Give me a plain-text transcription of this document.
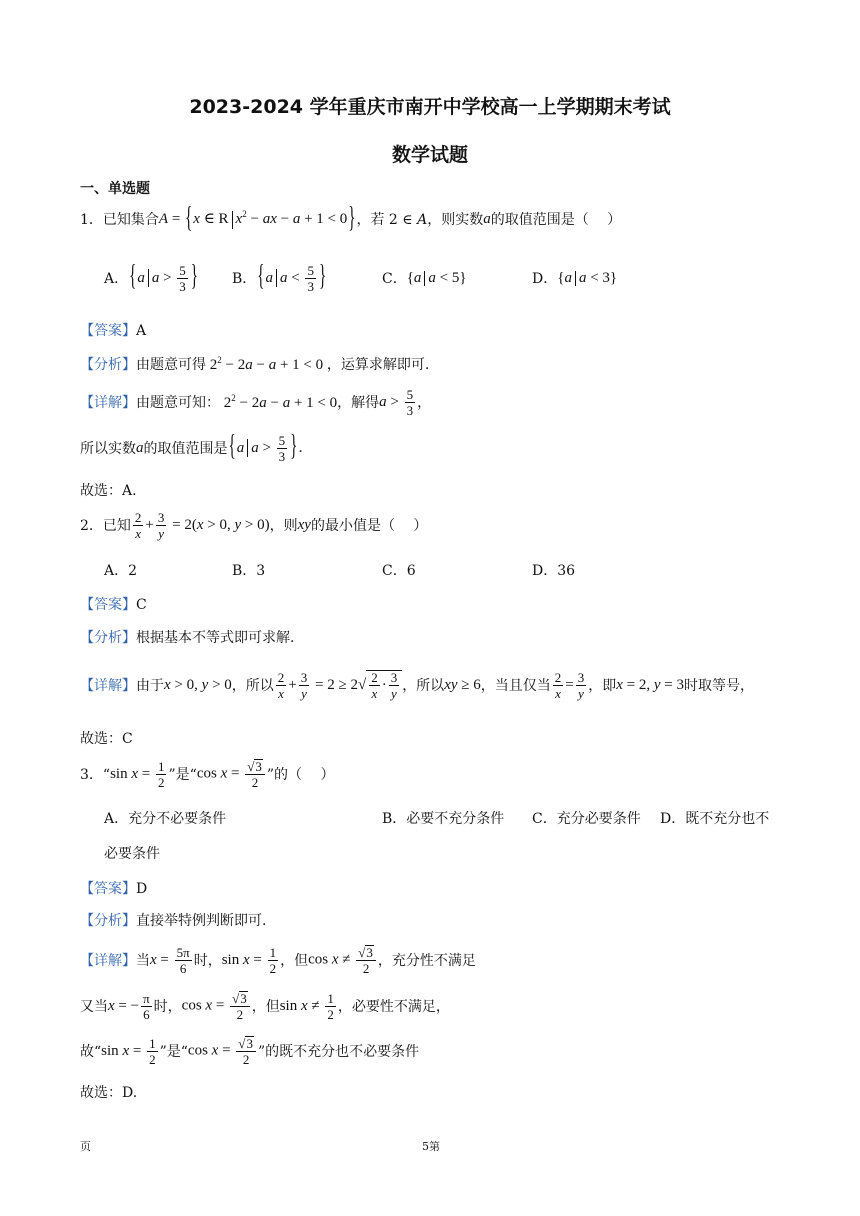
2023-2024 学年重庆市南开中学校高一上学期期末考试
数学试题
一、单选题
1．已知集合 A = {x ∈ R $x^2$ − ax − a + 1 < 0} ，若 2 ∈ A，则实数 a 的取值范围是（　 ）
A． {a $a > \frac{5}{3}$ } B． {a $a < \frac{5}{3}$ }	C． {a a < 5}	D． {a a < 3}
【答案】A
【分析】 由题意可得 $2^2 - 2a - a + 1 < 0$ ，运算求解即可.
【详解】 由题意可知： $2^2 - 2a - a + 1 < 0$ ，解得 $a > \frac{5}{3}$ ，
所以实数 a 的取值范围是 {a $a > \frac{5}{3}$ } .
故选：A.
2．已知 $\frac{2}{x} + \frac{3}{y} = 2(x > 0$, y > 0) ，则 xy 的最小值是（　 ）
A．2	B．3	C．6	D．36
【答案】C
【分析】根据基本不等式即可求解.
【详解】 由于 x > 0, y > 0 ，所以 $\frac{2}{x} + \frac{3}{y} = 2 \ge 2√ \frac{2}{x} \cdot \frac{3}{y}$ ，所以 xy ≥ 6 ，当且仅当 $\frac{2}{x} = \frac{3}{y}$ ，即 x = 2, y = 3 时取等号，
故选：C
3．“ $\sin x = \frac{1}{2}$ ”是“ $\cos x = \frac{√3}{2}$ ”的（　 ）
A．充分不必要条件	B．必要不充分条件 C．充分必要条件 D．既不充分也不
必要条件
【答案】D
【分析】直接举特例判断即可.
【详解】 当 $x = \frac{5\pi}{6}$ 时， $\sin x = \frac{1}{2}$ ，但 $\cos x \ne \frac{√3}{2}$ ，充分性不满足
又当 x = − $\frac{\pi}{6}$ 时， $\cos x = \frac{√3}{2}$ ，但 $\sin x \ne \frac{1}{2}$ ，必要性不满足，
故“ $\sin x = \frac{1}{2}$ ”是“ $\cos x = \frac{√3}{2}$ ”的既不充分也不必要条件
故选：D.
页	5第
